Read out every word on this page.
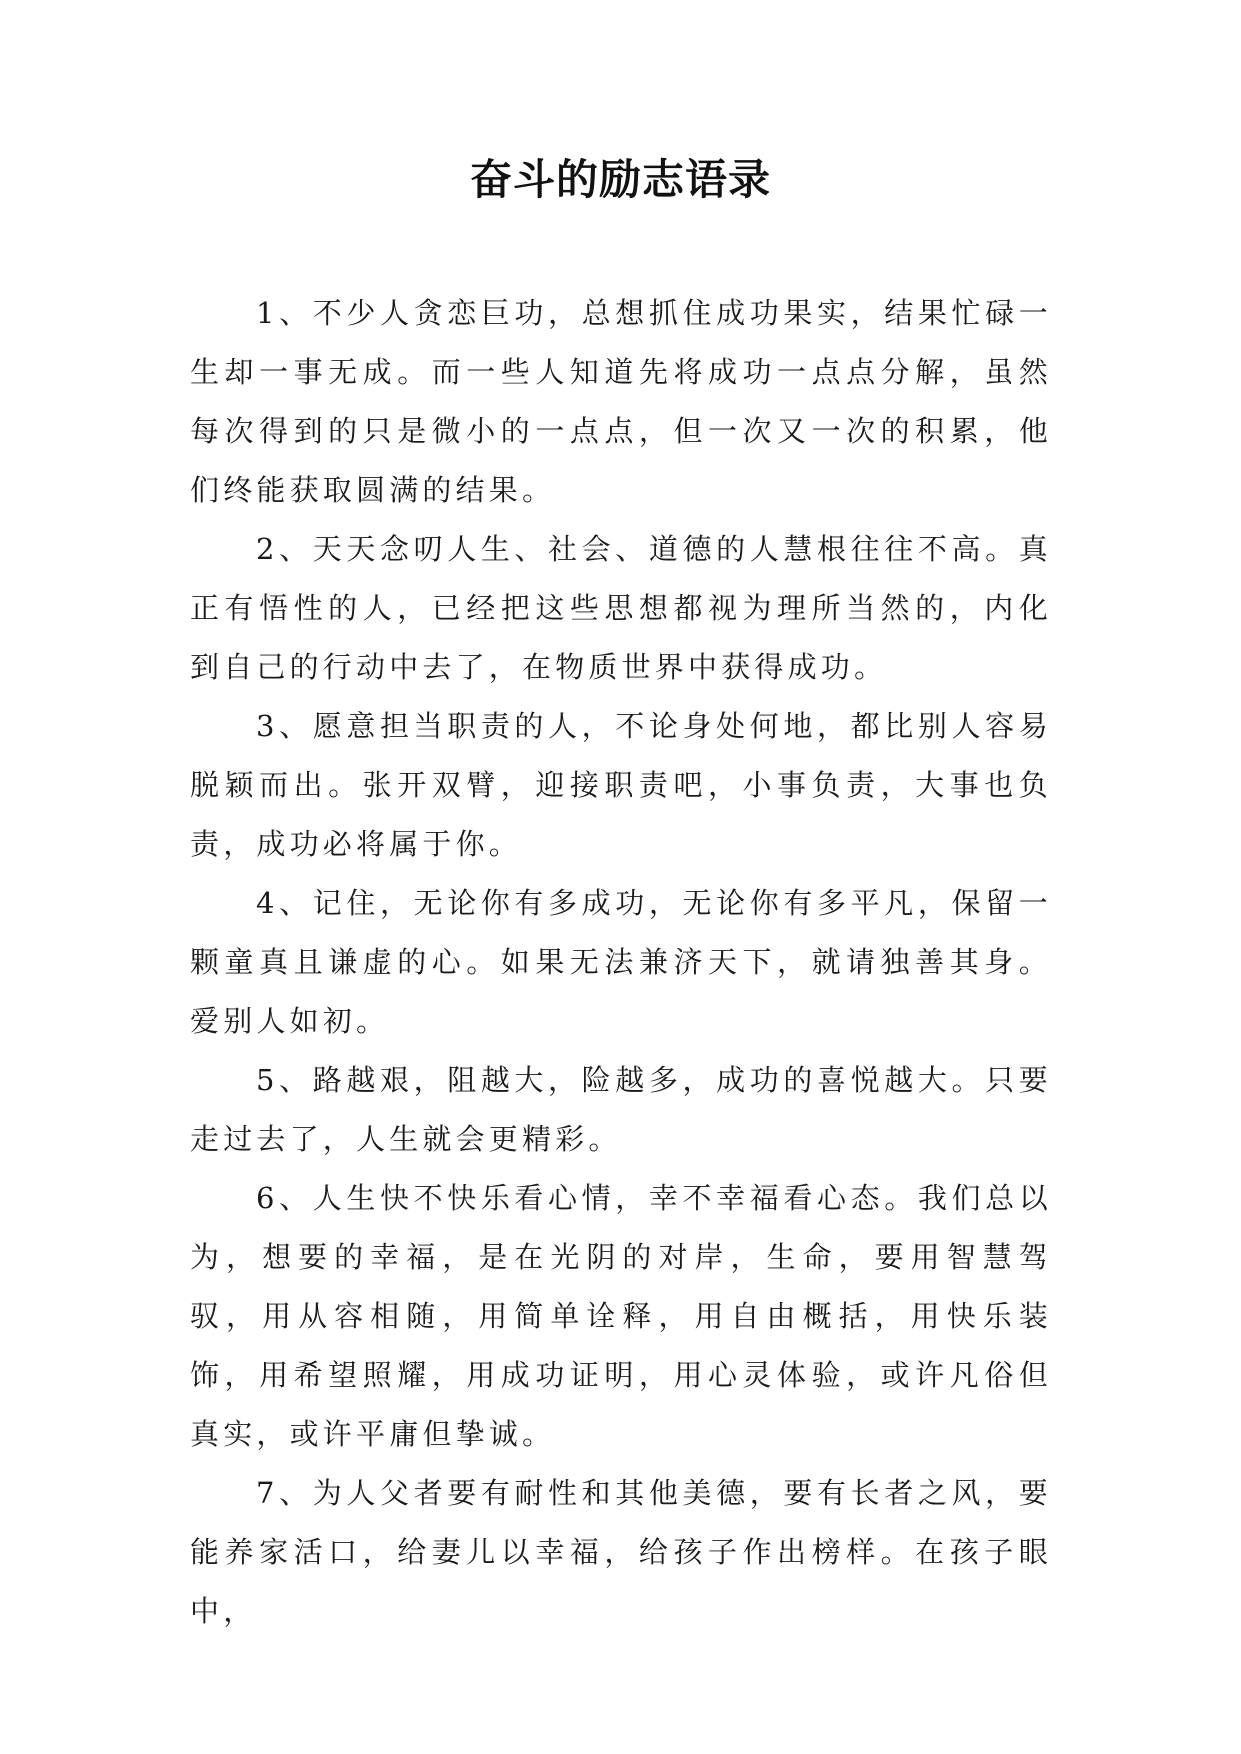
奋斗的励志语录

1、不少人贪恋巨功，总想抓住成功果实，结果忙碌一生却一事无成。而一些人知道先将成功一点点分解，虽然每次得到的只是微小的一点点，但一次又一次的积累，他们终能获取圆满的结果。

2、天天念叨人生、社会、道德的人慧根往往不高。真正有悟性的人，已经把这些思想都视为理所当然的，内化到自己的行动中去了，在物质世界中获得成功。

3、愿意担当职责的人，不论身处何地，都比别人容易脱颖而出。张开双臂，迎接职责吧，小事负责，大事也负责，成功必将属于你。

4、记住，无论你有多成功，无论你有多平凡，保留一颗童真且谦虚的心。如果无法兼济天下，就请独善其身。爱别人如初。

5、路越艰，阻越大，险越多，成功的喜悦越大。只要走过去了，人生就会更精彩。

6、人生快不快乐看心情，幸不幸福看心态。我们总以为，想要的幸福，是在光阴的对岸，生命，要用智慧驾驭，用从容相随，用简单诠释，用自由概括，用快乐装饰，用希望照耀，用成功证明，用心灵体验，或许凡俗但真实，或许平庸但挚诚。

7、为人父者要有耐性和其他美德，要有长者之风，要能养家活口，给妻儿以幸福，给孩子作出榜样。在孩子眼中，
